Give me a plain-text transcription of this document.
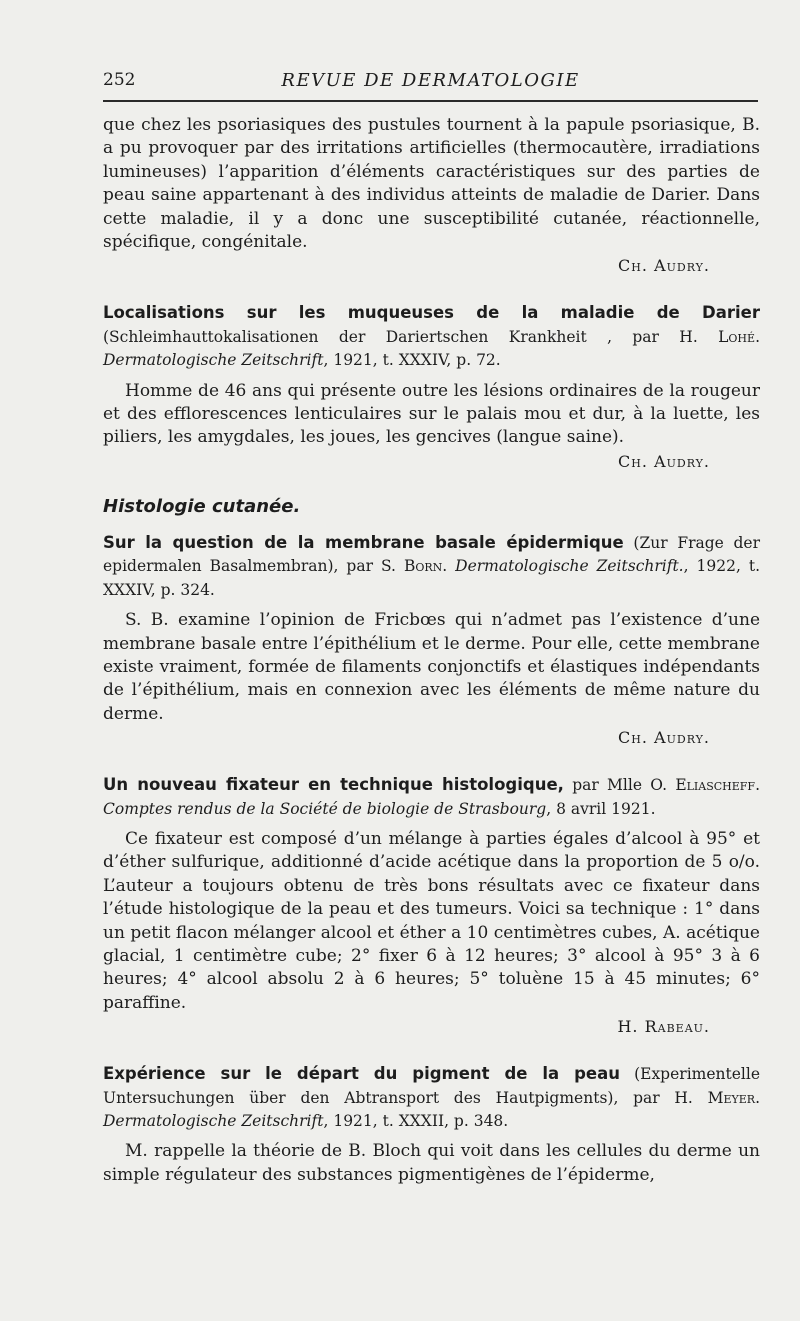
252	REVUE DE DERMATOLOGIE

que chez les psoriasiques des pustules tournent à la papule psoriasique, B. a pu provoquer par des irritations artificielles (thermocautère, irradiations lumineuses) l’apparition d’éléments caractéristiques sur des parties de peau saine appartenant à des individus atteints de maladie de Darier. Dans cette maladie, il y a donc une susceptibilité cutanée, réactionnelle, spécifique, congénitale.

Ch. Audry.
Localisations sur les muqueuses de la maladie de Darier (Schleimhauttokalisationen der Dariertschen Krankheit , par H. Lohé. Dermatologische Zeitschrift, 1921, t. XXXIV, p. 72.

Homme de 46 ans qui présente outre les lésions ordinaires de la rougeur et des efflorescences lenticulaires sur le palais mou et dur, à la luette, les piliers, les amygdales, les joues, les gencives (langue saine).

Ch. Audry.
Histologie cutanée.
Sur la question de la membrane basale épidermique (Zur Frage der epidermalen Basalmembran), par S. Born. Dermatologische Zeitschrift., 1922, t. XXXIV, p. 324.

S. B. examine l’opinion de Fricbœs qui n’admet pas l’existence d’une membrane basale entre l’épithélium et le derme. Pour elle, cette membrane existe vraiment, formée de filaments conjonctifs et élastiques indépendants de l’épithélium, mais en connexion avec les éléments de même nature du derme.

Ch. Audry.
Un nouveau fixateur en technique histologique, par Mlle O. Eliascheff. Comptes rendus de la Société de biologie de Strasbourg, 8 avril 1921.

Ce fixateur est composé d’un mélange à parties égales d’alcool à 95° et d’éther sulfurique, additionné d’acide acétique dans la proportion de 5 o/o. L’auteur a toujours obtenu de très bons résultats avec ce fixateur dans l’étude histologique de la peau et des tumeurs. Voici sa technique : 1° dans un petit flacon mélanger alcool et éther a 10 centimètres cubes, A. acétique glacial, 1 centimètre cube; 2° fixer 6 à 12 heures; 3° alcool à 95° 3 à 6 heures; 4° alcool absolu 2 à 6 heures; 5° toluène 15 à 45 minutes; 6° paraffine.

H. Rabeau.
Expérience sur le départ du pigment de la peau (Experimentelle Untersuchungen über den Abtransport des Hautpigments), par H. Meyer. Dermatologische Zeitschrift, 1921, t. XXXII, p. 348.

M. rappelle la théorie de B. Bloch qui voit dans les cellules du derme un simple régulateur des substances pigmentigènes de l’épiderme,
